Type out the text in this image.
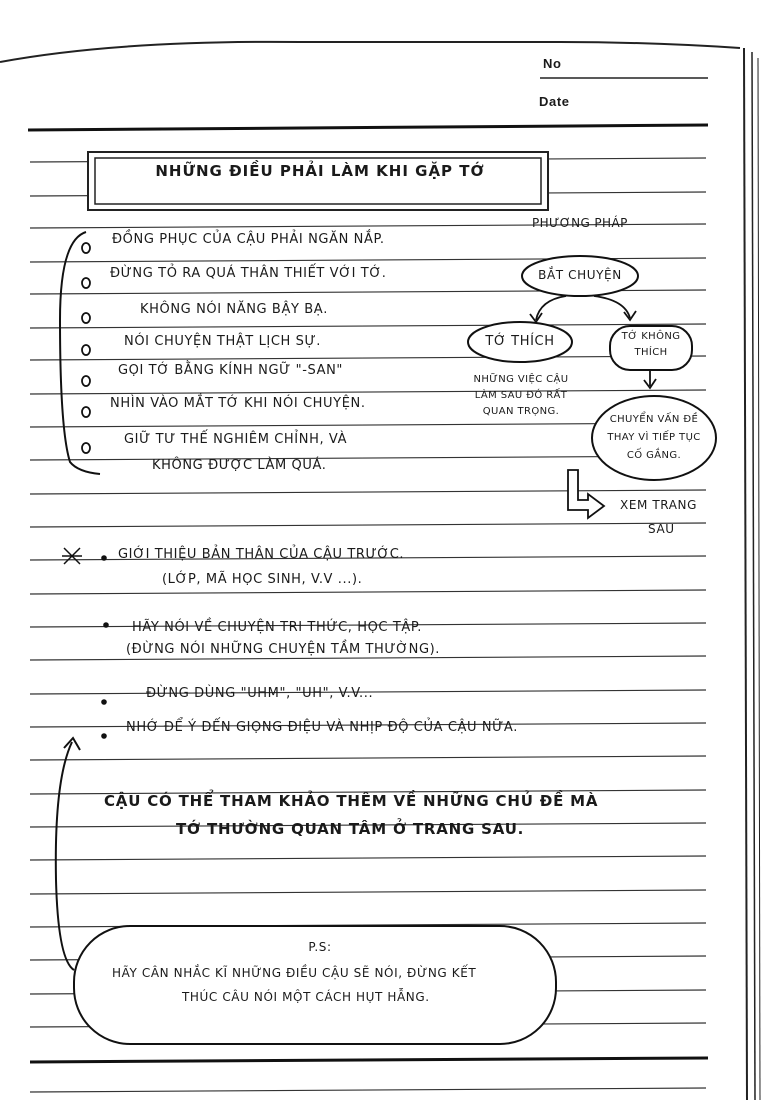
No
Date
NHỮNG ĐIỀU PHẢI LÀM KHI GẶP TỚ
ĐỒNG PHỤC CỦA CẬU PHẢI NGĂN NẮP.
ĐỪNG TỎ RA QUÁ THÂN THIẾT VỚI TỚ.
KHÔNG NÓI NĂNG BẬY BẠ.
NÓI CHUYỆN THẬT LỊCH SỰ.
GỌI TỚ BẰNG KÍNH NGỮ "-SAN"
NHÌN VÀO MẮT TỚ KHI NÓI CHUYỆN.
GIỮ TƯ THẾ NGHIÊM CHỈNH, VÀ
KHÔNG ĐƯỢC LÀM QUÁ.
PHƯƠNG PHÁP
BẮT CHUYỆN
TỚ THÍCH	TỚ KHÔNG
THÍCH
NHỮNG VIỆC CẬU
LÀM SAU ĐÓ RẤT
QUAN TRỌNG.
CHUYỂN VẤN ĐỀ
THAY VÌ TIẾP TỤC
CỐ GẮNG.
XEM TRANG
SAU
GIỚI THIỆU BẢN THÂN CỦA CẬU TRƯỚC.
(LỚP, MÃ HỌC SINH, V.V ...).
HÃY NÓI VỀ CHUYỆN TRI THỨC, HỌC TẬP.
(ĐỪNG NÓI NHỮNG CHUYỆN TẦM THƯỜNG).
ĐỪNG DÙNG "UHM", "UH", V.V...
NHỚ ĐỂ Ý ĐẾN GIỌNG ĐIỆU VÀ NHỊP ĐỘ CỦA CẬU NỮA.
CẬU CÓ THỂ THAM KHẢO THÊM VỀ NHỮNG CHỦ ĐỀ MÀ
TỚ THƯỜNG QUAN TÂM Ở TRANG SAU.
P.S:
HÃY CÂN NHẮC KĨ NHỮNG ĐIỀU CẬU SẼ NÓI, ĐỪNG KẾT
THÚC CÂU NÓI MỘT CÁCH HỤT HẪNG.
